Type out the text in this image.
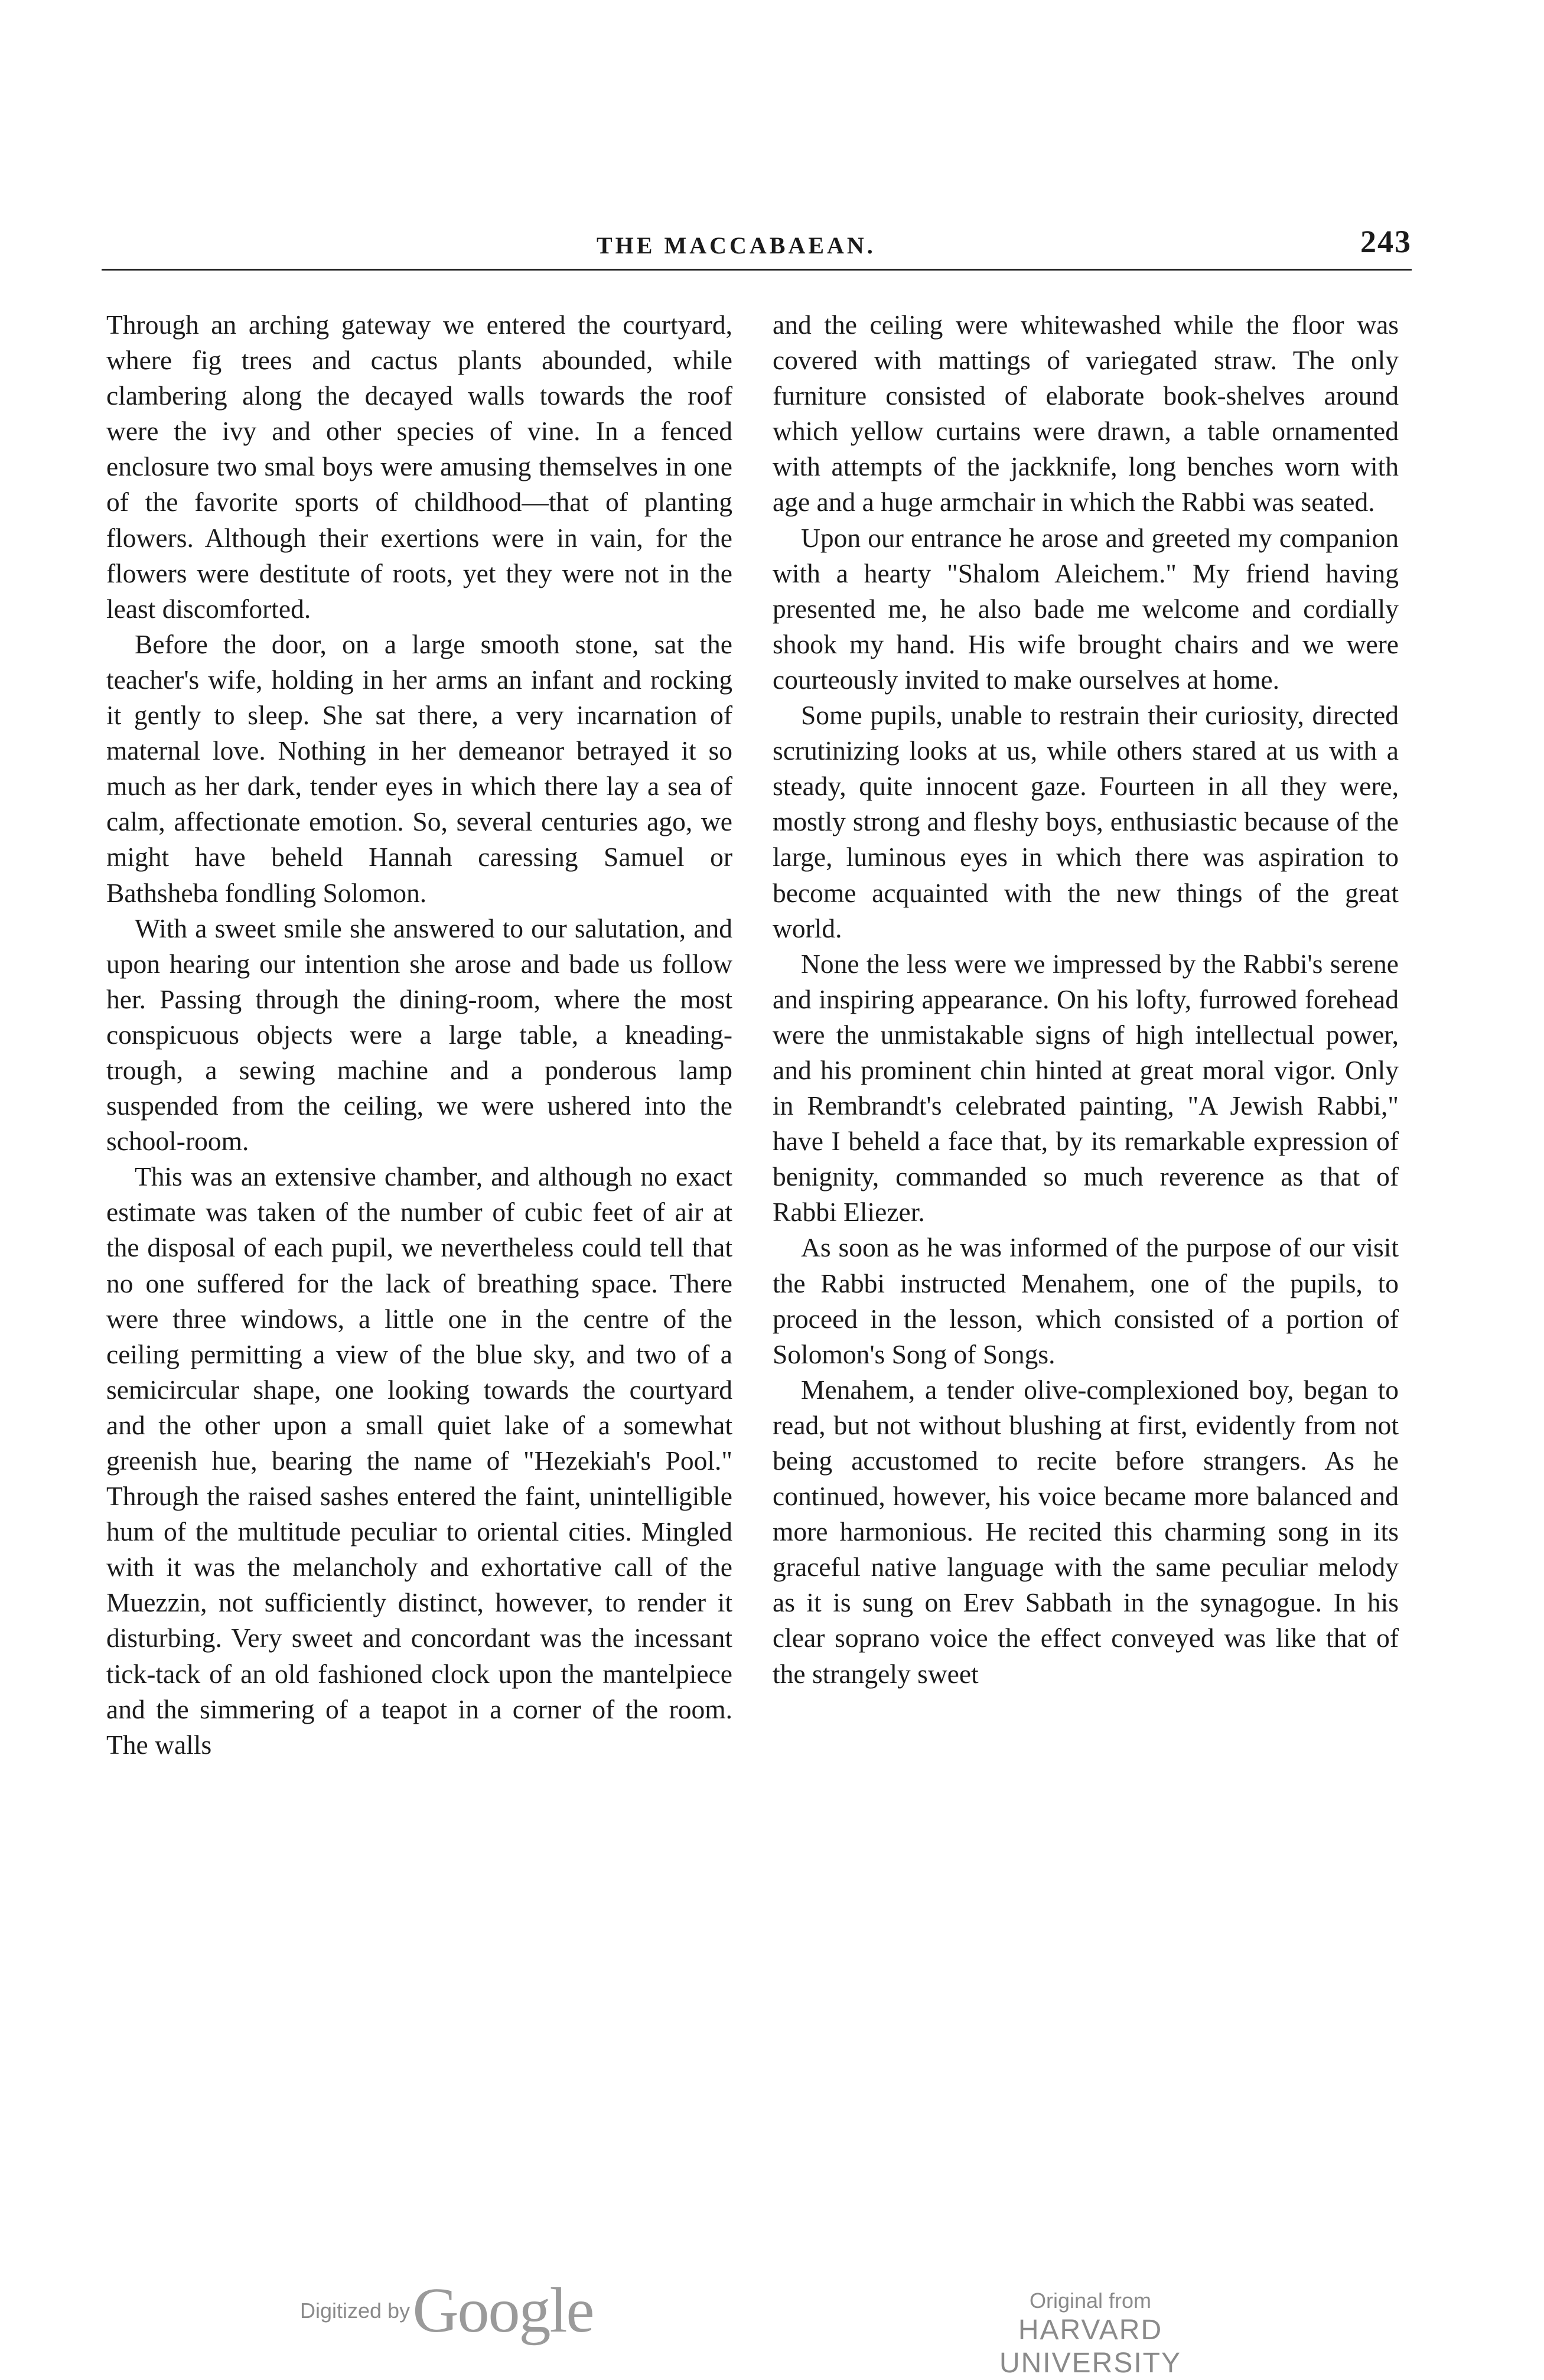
THE MACCABAEAN.	243

Through an arching gateway we entered the courtyard, where fig trees and cactus plants abounded, while clambering along the decayed walls towards the roof were the ivy and other species of vine. In a fenced enclosure two smal boys were amusing themselves in one of the favorite sports of childhood—that of planting flowers. Although their exertions were in vain, for the flowers were destitute of roots, yet they were not in the least discomforted.

Before the door, on a large smooth stone, sat the teacher's wife, holding in her arms an infant and rocking it gently to sleep. She sat there, a very incarnation of maternal love. Nothing in her demeanor betrayed it so much as her dark, tender eyes in which there lay a sea of calm, affectionate emotion. So, several centuries ago, we might have beheld Hannah caressing Samuel or Bathsheba fondling Solomon.

With a sweet smile she answered to our salutation, and upon hearing our intention she arose and bade us follow her. Passing through the dining-room, where the most conspicuous objects were a large table, a kneading-trough, a sewing machine and a ponderous lamp suspended from the ceiling, we were ushered into the school-room.

This was an extensive chamber, and although no exact estimate was taken of the number of cubic feet of air at the disposal of each pupil, we nevertheless could tell that no one suffered for the lack of breathing space. There were three windows, a little one in the centre of the ceiling permitting a view of the blue sky, and two of a semicircular shape, one looking towards the courtyard and the other upon a small quiet lake of a somewhat greenish hue, bearing the name of "Hezekiah's Pool." Through the raised sashes entered the faint, unintelligible hum of the multitude peculiar to oriental cities. Mingled with it was the melancholy and exhortative call of the Muezzin, not sufficiently distinct, however, to render it disturbing. Very sweet and concordant was the incessant tick-tack of an old fashioned clock upon the mantelpiece and the simmering of a teapot in a corner of the room. The walls

and the ceiling were whitewashed while the floor was covered with mattings of variegated straw. The only furniture consisted of elaborate book-shelves around which yellow curtains were drawn, a table ornamented with attempts of the jackknife, long benches worn with age and a huge armchair in which the Rabbi was seated.

Upon our entrance he arose and greeted my companion with a hearty "Shalom Aleichem." My friend having presented me, he also bade me welcome and cordially shook my hand. His wife brought chairs and we were courteously invited to make ourselves at home.

Some pupils, unable to restrain their curiosity, directed scrutinizing looks at us, while others stared at us with a steady, quite innocent gaze. Fourteen in all they were, mostly strong and fleshy boys, enthusiastic because of the large, luminous eyes in which there was aspiration to become acquainted with the new things of the great world.

None the less were we impressed by the Rabbi's serene and inspiring appearance. On his lofty, furrowed forehead were the unmistakable signs of high intellectual power, and his prominent chin hinted at great moral vigor. Only in Rembrandt's celebrated painting, "A Jewish Rabbi," have I beheld a face that, by its remarkable expression of benignity, commanded so much reverence as that of Rabbi Eliezer.

As soon as he was informed of the purpose of our visit the Rabbi instructed Menahem, one of the pupils, to proceed in the lesson, which consisted of a portion of Solomon's Song of Songs.

Menahem, a tender olive-complexioned boy, began to read, but not without blushing at first, evidently from not being accustomed to recite before strangers. As he continued, however, his voice became more balanced and more harmonious. He recited this charming song in its graceful native language with the same peculiar melody as it is sung on Erev Sabbath in the synagogue. In his clear soprano voice the effect conveyed was like that of the strangely sweet

Digitized by Google	Original from
HARVARD UNIVERSITY
